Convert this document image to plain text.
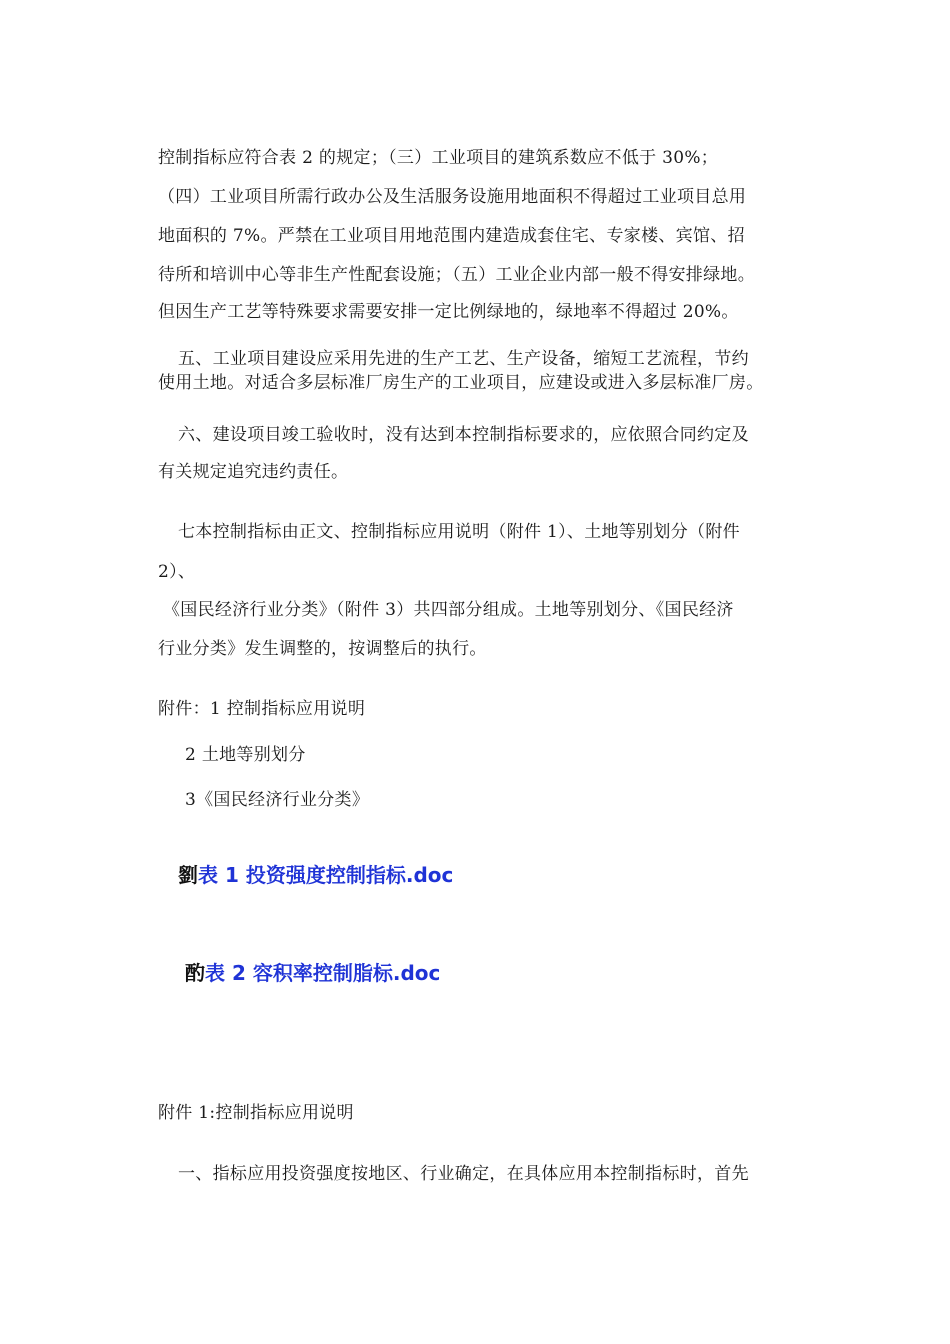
控制指标应符合表 2 的规定；（三）工业项目的建筑系数应不低于 30%；
（四）工业项目所需行政办公及生活服务设施用地面积不得超过工业项目总用
地面积的 7%。严禁在工业项目用地范围内建造成套住宅、专家楼、宾馆、招
待所和培训中心等非生产性配套设施；（五）工业企业内部一般不得安排绿地。
但因生产工艺等特殊要求需要安排一定比例绿地的，绿地率不得超过 20%。
五、工业项目建设应采用先进的生产工艺、生产设备，缩短工艺流程，节约
使用土地。对适合多层标准厂房生产的工业项目，应建设或进入多层标准厂房。
六、建设项目竣工验收时，没有达到本控制指标要求的，应依照合同约定及
有关规定追究违约责任。
七本控制指标由正文、控制指标应用说明（附件 1）、土地等别划分（附件
2）、
《国民经济行业分类》（附件 3）共四部分组成。土地等别划分、《国民经济
行业分类》发生调整的，按调整后的执行。
附件：1 控制指标应用说明
2 土地等别划分
3《国民经济行业分类》
劉表 1 投资强度控制指标.doc
酌表 2 容积率控制脂标.doc
附件 1:控制指标应用说明
一、指标应用投资强度按地区、行业确定，在具体应用本控制指标时，首先
